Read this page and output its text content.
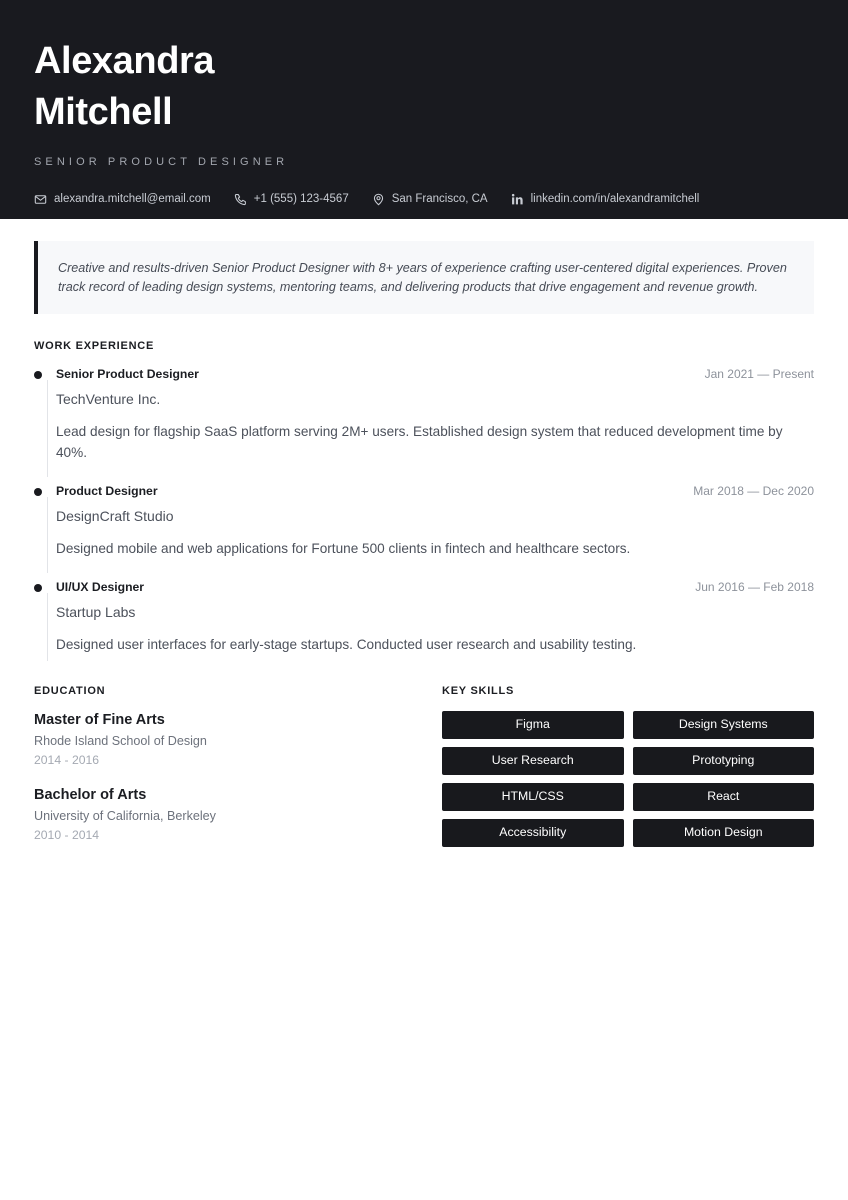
Alexandra
Mitchell
SENIOR PRODUCT DESIGNER
alexandra.mitchell@email.com	+1 (555) 123-4567	San Francisco, CA	linkedin.com/in/alexandramitchell
Creative and results-driven Senior Product Designer with 8+ years of experience crafting user-centered digital experiences. Proven track record of leading design systems, mentoring teams, and delivering products that drive engagement and revenue growth.
WORK EXPERIENCE
Senior Product Designer	Jan 2021 — Present
TechVenture Inc.
Lead design for flagship SaaS platform serving 2M+ users. Established design system that reduced development time by 40%.
Product Designer	Mar 2018 — Dec 2020
DesignCraft Studio
Designed mobile and web applications for Fortune 500 clients in fintech and healthcare sectors.
UI/UX Designer	Jun 2016 — Feb 2018
Startup Labs
Designed user interfaces for early-stage startups. Conducted user research and usability testing.
EDUCATION
Master of Fine Arts
Rhode Island School of Design
2014 - 2016
Bachelor of Arts
University of California, Berkeley
2010 - 2014
KEY SKILLS
Figma	Design Systems
User Research	Prototyping
HTML/CSS	React
Accessibility	Motion Design
